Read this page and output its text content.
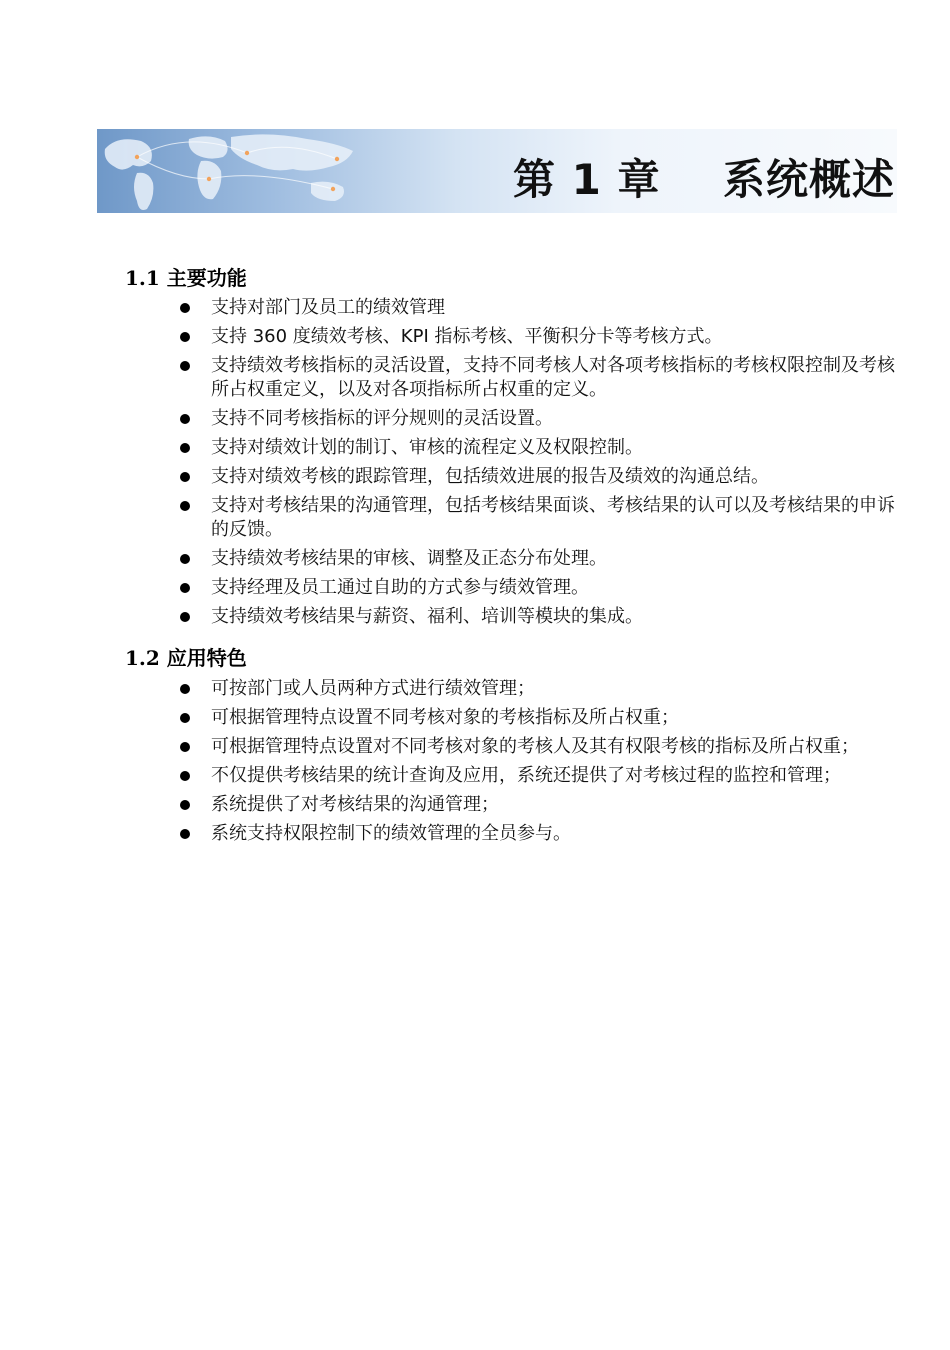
第 1 章    系统概述
1.1 主要功能
支持对部门及员工的绩效管理
支持 360 度绩效考核、KPI 指标考核、平衡积分卡等考核方式。
支持绩效考核指标的灵活设置，支持不同考核人对各项考核指标的考核权限控制及考核所占权重定义，以及对各项指标所占权重的定义。
支持不同考核指标的评分规则的灵活设置。
支持对绩效计划的制订、审核的流程定义及权限控制。
支持对绩效考核的跟踪管理，包括绩效进展的报告及绩效的沟通总结。
支持对考核结果的沟通管理，包括考核结果面谈、考核结果的认可以及考核结果的申诉的反馈。
支持绩效考核结果的审核、调整及正态分布处理。
支持经理及员工通过自助的方式参与绩效管理。
支持绩效考核结果与薪资、福利、培训等模块的集成。
1.2 应用特色
可按部门或人员两种方式进行绩效管理；
可根据管理特点设置不同考核对象的考核指标及所占权重；
可根据管理特点设置对不同考核对象的考核人及其有权限考核的指标及所占权重；
不仅提供考核结果的统计查询及应用，系统还提供了对考核过程的监控和管理；
系统提供了对考核结果的沟通管理；
系统支持权限控制下的绩效管理的全员参与。
